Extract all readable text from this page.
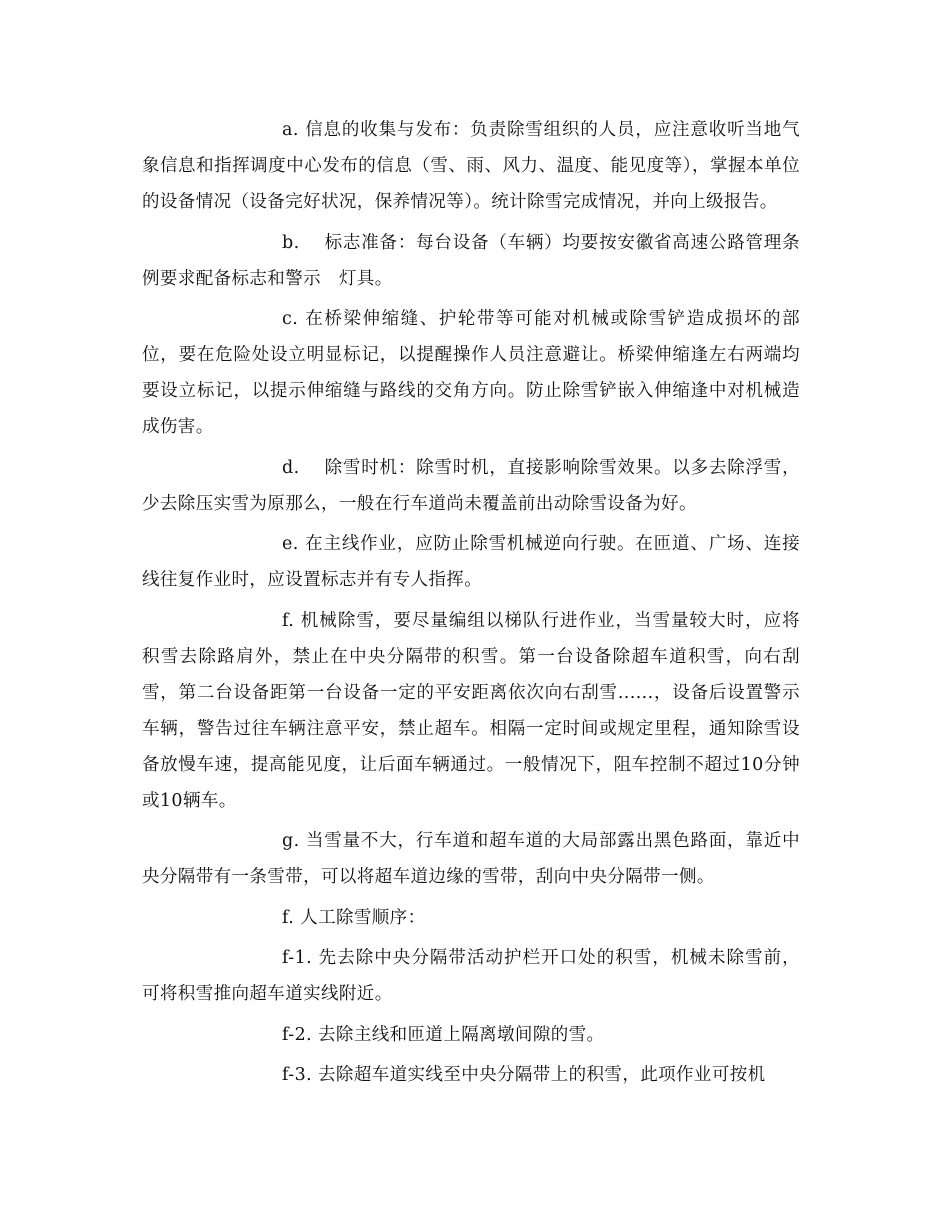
a. 信息的收集与发布：负责除雪组织的人员，应注意收听当地气象信息和指挥调度中心发布的信息（雪、雨、风力、温度、能见度等），掌握本单位的设备情况（设备完好状况，保养情况等）。统计除雪完成情况，并向上级报告。

b.　 标志准备：每台设备（车辆）均要按安徽省高速公路管理条例要求配备标志和警示　灯具。

c. 在桥梁伸缩缝、护轮带等可能对机械或除雪铲造成损坏的部位，要在危险处设立明显标记，以提醒操作人员注意避让。桥梁伸缩逢左右两端均要设立标记，以提示伸缩缝与路线的交角方向。防止除雪铲嵌入伸缩逢中对机械造成伤害。

d.　 除雪时机：除雪时机，直接影响除雪效果。以多去除浮雪，少去除压实雪为原那么，一般在行车道尚未覆盖前出动除雪设备为好。

e. 在主线作业，应防止除雪机械逆向行驶。在匝道、广场、连接线往复作业时，应设置标志并有专人指挥。

f. 机械除雪，要尽量编组以梯队行进作业，当雪量较大时，应将积雪去除路肩外，禁止在中央分隔带的积雪。第一台设备除超车道积雪，向右刮雪，第二台设备距第一台设备一定的平安距离依次向右刮雪......，设备后设置警示车辆，警告过往车辆注意平安，禁止超车。相隔一定时间或规定里程，通知除雪设备放慢车速，提高能见度，让后面车辆通过。一般情况下，阻车控制不超过10分钟或10辆车。

g. 当雪量不大，行车道和超车道的大局部露出黑色路面，靠近中央分隔带有一条雪带，可以将超车道边缘的雪带，刮向中央分隔带一侧。

f. 人工除雪顺序：

f-1. 先去除中央分隔带活动护栏开口处的积雪，机械未除雪前，可将积雪推向超车道实线附近。

f-2. 去除主线和匝道上隔离墩间隙的雪。

f-3. 去除超车道实线至中央分隔带上的积雪，此项作业可按机
